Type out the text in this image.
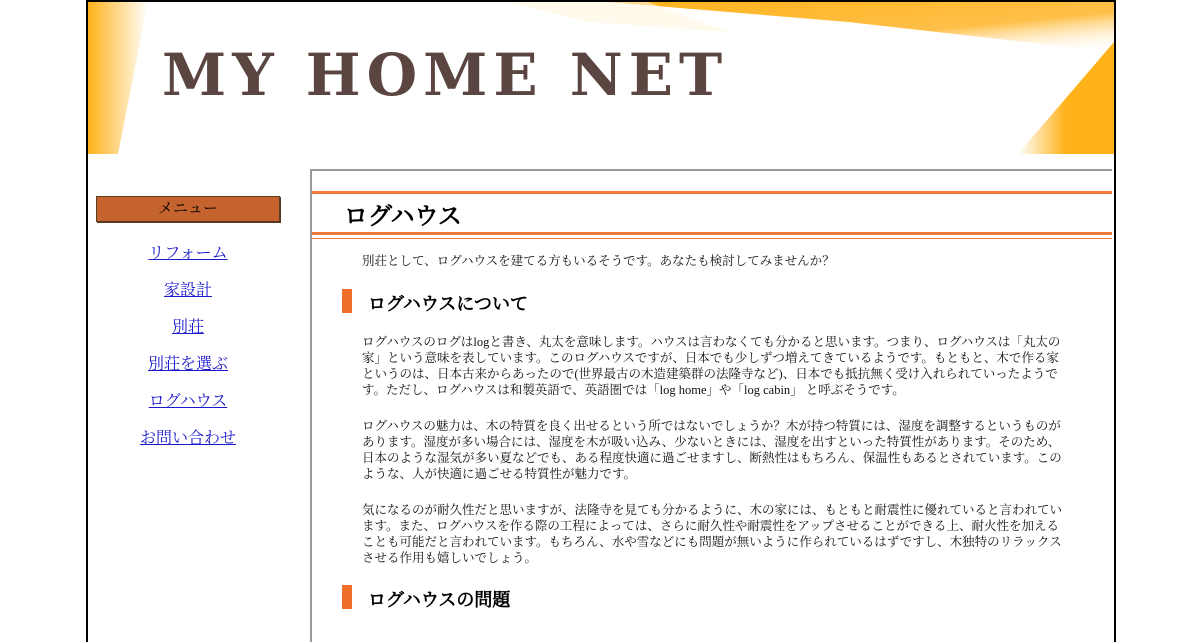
MY HOME NET
メニュー
リフォーム
家設計
別荘
別荘を選ぶ
ログハウス
お問い合わせ
ログハウス

別荘として、ログハウスを建てる方もいるそうです。あなたも検討してみませんか？

ログハウスについて

ログハウスのログはlogと書き、丸太を意味します。ハウスは言わなくても分かると思います。つまり、ログハウスは「丸太の家」という意味を表しています。このログハウスですが、日本でも少しずつ増えてきているようです。もともと、木で作る家というのは、日本古来からあったので(世界最古の木造建築群の法隆寺など)、日本でも抵抗無く受け入れられていったようです。ただし、ログハウスは和製英語で、英語圏では「log home」や「log cabin」 と呼ぶそうです。

ログハウスの魅力は、木の特質を良く出せるという所ではないでしょうか？木が持つ特質には、湿度を調整するというものがあります。湿度が多い場合には、湿度を木が吸い込み、少ないときには、湿度を出すといった特質性があります。そのため、日本のような湿気が多い夏などでも、ある程度快適に過ごせますし、断熱性はもちろん、保温性もあるとされています。このような、人が快適に過ごせる特質性が魅力です。

気になるのが耐久性だと思いますが、法隆寺を見ても分かるように、木の家には、もともと耐震性に優れていると言われています。また、ログハウスを作る際の工程によっては、さらに耐久性や耐震性をアップさせることができる上、耐火性を加えることも可能だと言われています。もちろん、水や雪などにも問題が無いように作られているはずですし、木独特のリラックスさせる作用も嬉しいでしょう。

ログハウスの問題
